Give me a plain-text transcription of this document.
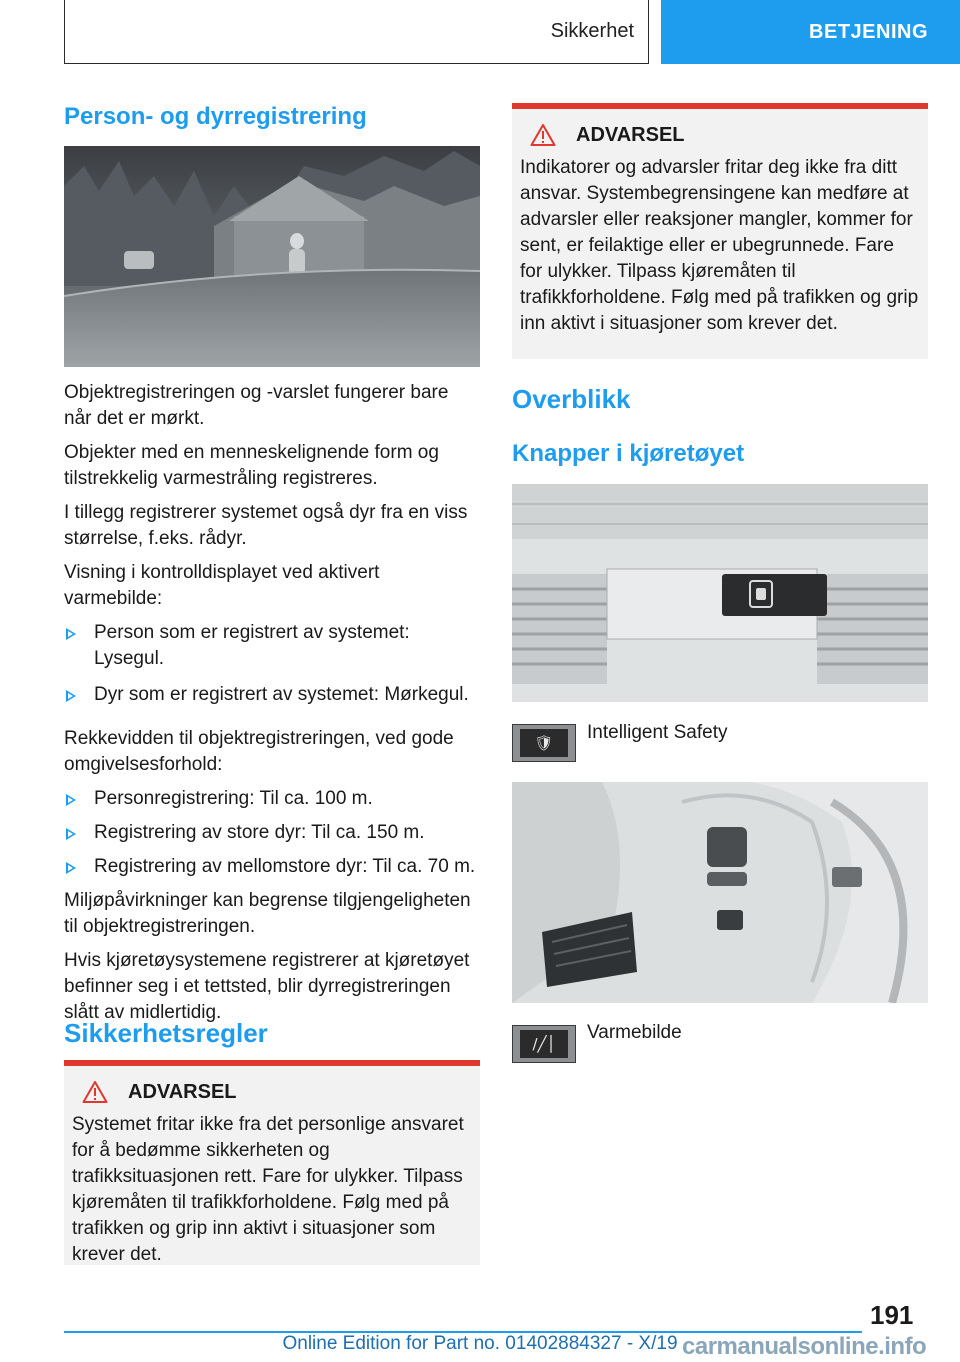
Sikkerhet	BETJENING
Person- og dyrregistrering

Objektregistreringen og -varslet fungerer bare når det er mørkt.

Objekter med en menneskelignende form og tilstrekkelig varmestråling registreres.

I tillegg registrerer systemet også dyr fra en viss størrelse, f.eks. rådyr.

Visning i kontrolldisplayet ved aktivert varmebilde:

Person som er registrert av systemet: Lysegul.
Dyr som er registrert av systemet: Mørkegul.

Rekkevidden til objektregistreringen, ved gode omgivelsesforhold:

Personregistrering: Til ca. 100 m.
Registrering av store dyr: Til ca. 150 m.
Registrering av mellomstore dyr: Til ca. 70 m.

Miljøpåvirkninger kan begrense tilgjengeligheten til objektregistreringen.

Hvis kjøretøysystemene registrerer at kjøretøyet befinner seg i et tettsted, blir dyrregistreringen slått av midlertidig.

Sikkerhetsregler
ADVARSEL

Systemet fritar ikke fra det personlige ansvaret for å bedømme sikkerheten og trafikksituasjonen rett. Fare for ulykker. Tilpass kjøremåten til trafikkforholdene. Følg med på trafikken og grip inn aktivt i situasjoner som krever det.

ADVARSEL

Indikatorer og advarsler fritar deg ikke fra ditt ansvar. Systembegrensingene kan medføre at advarsler eller reaksjoner mangler, kommer for sent, er feilaktige eller er ubegrunnede. Fare for ulykker. Tilpass kjøremåten til trafikkforholdene. Følg med på trafikken og grip inn aktivt i situasjoner som krever det.

Overblikk
Knapper i kjøretøyet
🛡	Intelligent Safety
∕╱│
Varmebilde
191
Online Edition for Part no. 01402884327 - X/19 carmanualsonline.info
